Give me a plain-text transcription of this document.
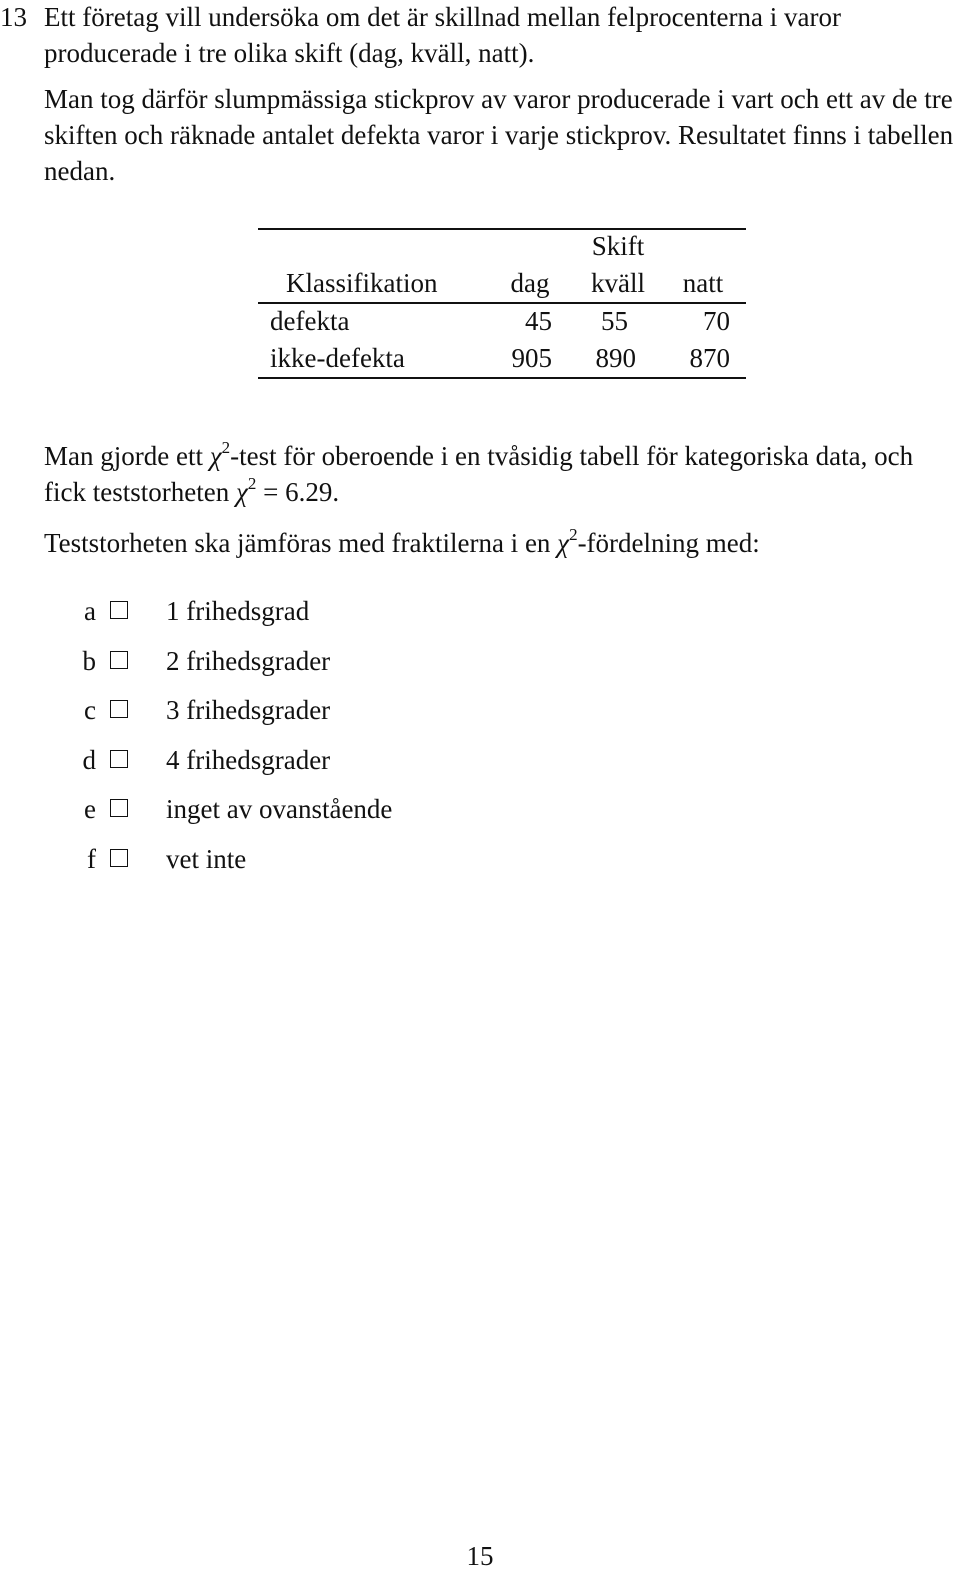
13 Ett företag vill undersöka om det är skillnad mellan felprocenterna i varor producerade i tre olika skift (dag, kväll, natt).

Man tog därför slumpmässiga stickprov av varor producerade i vart och ett av de tre skiften och räknade antalet defekta varor i varje stickprov. Resultatet finns i tabellen nedan.

Skift
Klassifikation	dag	kväll	natt
defekta	45	55	70
ikke-defekta	905	890	870

Man gjorde ett $\chi^2$-test för oberoende i en tvåsidig tabell för kategoriska data, och fick teststorheten $\chi^2 = 6.29$.

Teststorheten ska jämföras med fraktilerna i en $\chi^2$-fördelning med:

a	1 frihedsgrad
b	2 frihedsgrader
c	3 frihedsgrader
d	4 frihedsgrader
e	inget av ovanstående
f	vet inte
15
